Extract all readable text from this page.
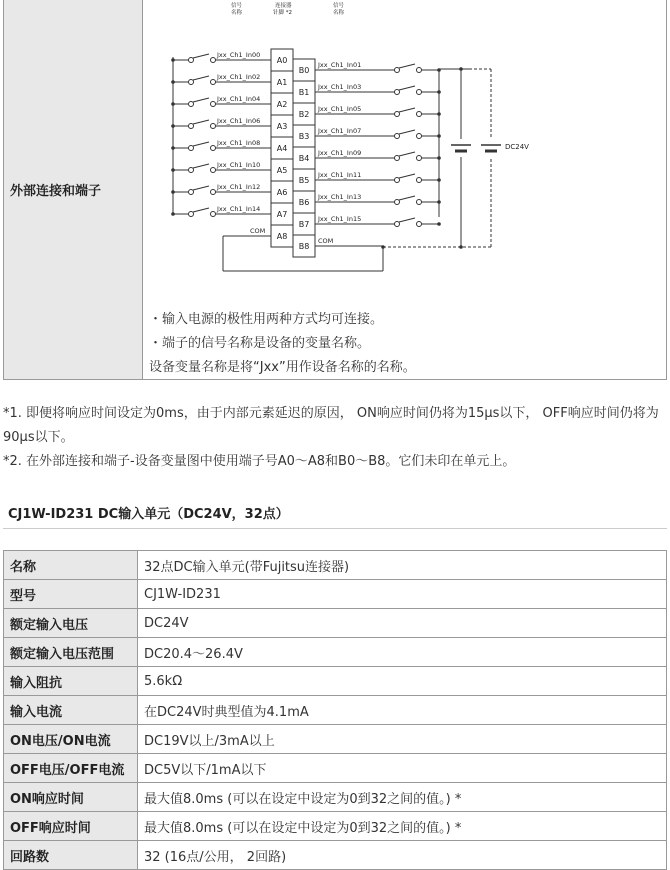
外部连接和端子	
信号
名称
连接器
针脚 *2
信号
名称
A0
Jxx_Ch1_In00
A1
Jxx_Ch1_In02
A2
Jxx_Ch1_In04
A3
Jxx_Ch1_In06
A4
Jxx_Ch1_In08
A5
Jxx_Ch1_In10
A6
Jxx_Ch1_In12
A7
Jxx_Ch1_In14
A8
COM
B0
Jxx_Ch1_In01
B1
Jxx_Ch1_In03
B2
Jxx_Ch1_In05
B3
Jxx_Ch1_In07
B4
Jxx_Ch1_In09
B5
Jxx_Ch1_In11
B6
Jxx_Ch1_In13
B7
Jxx_Ch1_In15
B8
COM
DC24V
・输入电源的极性用两种方式均可连接。
・端子的信号名称是设备的变量名称。
设备变量名称是将“Jxx”用作设备名称的名称。
*1. 即便将响应时间设定为0ms，由于内部元素延迟的原因， ON响应时间仍将为15μs以下， OFF响应时间仍将为90μs以下。
*2. 在外部连接和端子-设备变量图中使用端子号A0～A8和B0～B8。它们未印在单元上。
CJ1W-ID231 DC输入单元（DC24V，32点）
名称	32点DC输入单元(带Fujitsu连接器)
型号	CJ1W-ID231
额定输入电压	DC24V
额定输入电压范围	DC20.4～26.4V
输入阻抗	5.6kΩ
输入电流	在DC24V时典型值为4.1mA
ON电压/ON电流	DC19V以上/3mA以上
OFF电压/OFF电流	DC5V以下/1mA以下
ON响应时间	最大值8.0ms (可以在设定中设定为0到32之间的值。) *
OFF响应时间	最大值8.0ms (可以在设定中设定为0到32之间的值。) *
回路数	32 (16点/公用， 2回路)
